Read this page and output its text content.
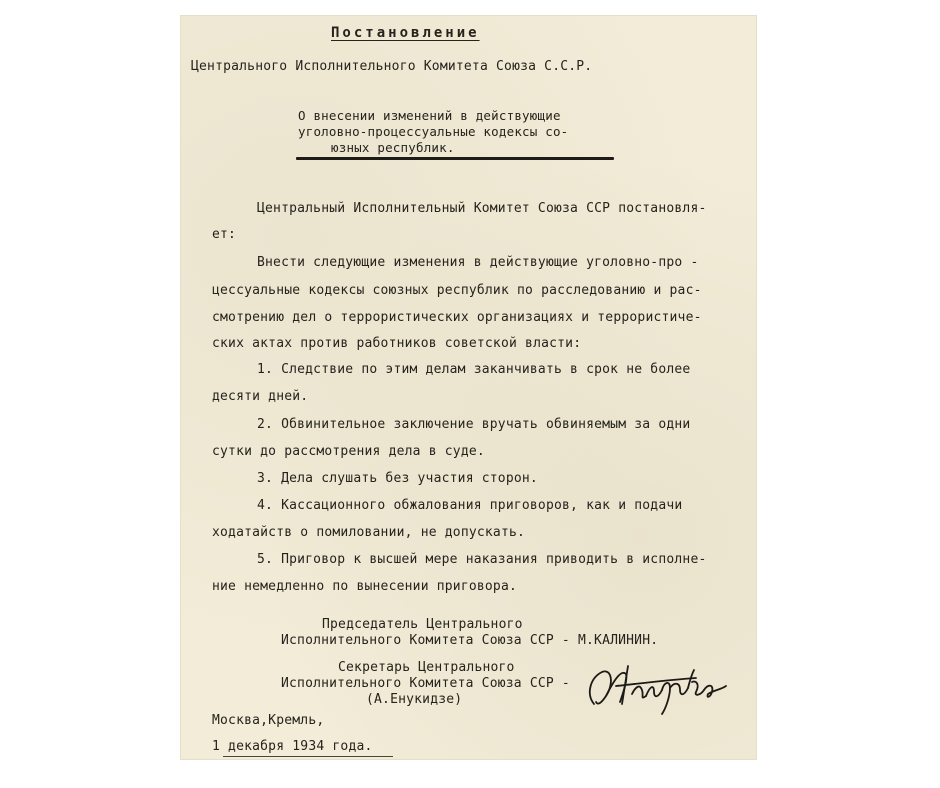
Постановление
Центрального Исполнительного Комитета Союза С.С.Р.
О внесении изменений в действующие
уголовно-процессуальные кодексы со-
юзных республик.
Центральный Исполнительный Комитет Союза ССР постановля-
ет:
Внести следующие изменения в действующие уголовно-про -
цессуальные кодексы союзных республик по расследованию и рас-
смотрению дел о террористических организациях и террористиче-
ских актах против работников советской власти:
1. Следствие по этим делам заканчивать в срок не более
десяти дней.
2. Обвинительное заключение вручать обвиняемым за одни
сутки до рассмотрения дела в суде.
3. Дела слушать без участия сторон.
4. Кассационного обжалования приговоров, как и подачи
ходатайств о помиловании, не допускать.
5. Приговор к высшей мере наказания приводить в исполне-
ние немедленно по вынесении приговора.
Председатель Центрального
Исполнительного Комитета Союза ССР - М.КАЛИНИН.
Секретарь Центрального
Исполнительного Комитета Союза ССР -
(А.Енукидзе)
Москва,Кремль,
1 декабря 1934 года.
